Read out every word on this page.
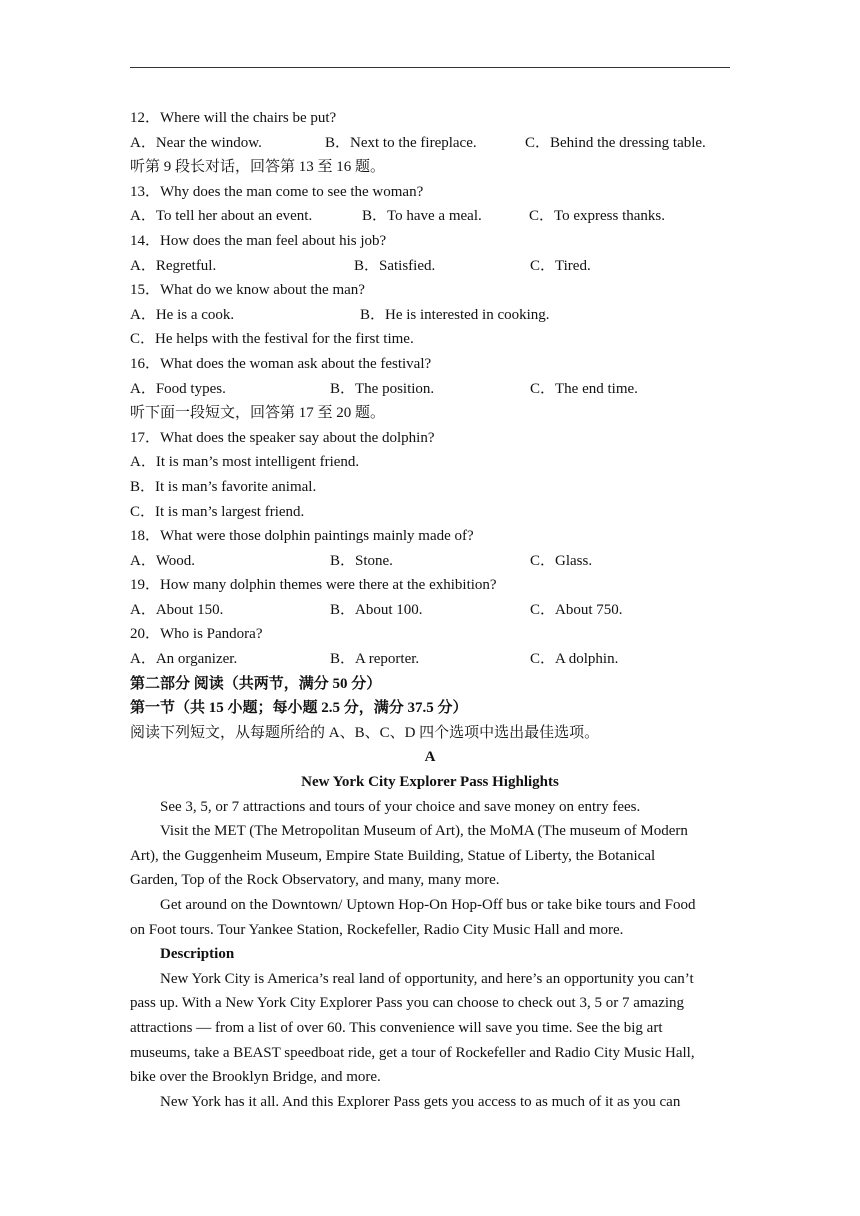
12．Where will the chairs be put?
A．Near the window.	B．Next to the fireplace.	C．Behind the dressing table.
听第 9 段长对话，回答第 13 至 16 题。
13．Why does the man come to see the woman?
A．To tell her about an event.	B．To have a meal.	C．To express thanks.
14．How does the man feel about his job?
A．Regretful.	B．Satisfied.	C．Tired.
15．What do we know about the man?
A．He is a cook.	B．He is interested in cooking.
C．He helps with the festival for the first time.
16．What does the woman ask about the festival?
A．Food types.	B．The position.	C．The end time.
听下面一段短文，回答第 17 至 20 题。
17．What does the speaker say about the dolphin?
A．It is man’s most intelligent friend.
B．It is man’s favorite animal.
C．It is man’s largest friend.
18．What were those dolphin paintings mainly made of?
A．Wood.	B．Stone.	C．Glass.
19．How many dolphin themes were there at the exhibition?
A．About 150.	B．About 100.	C．About 750.
20．Who is Pandora?
A．An organizer.	B．A reporter.	C．A dolphin.
第二部分 阅读（共两节，满分 50 分）
第一节（共 15 小题；每小题 2.5 分，满分 37.5 分）
阅读下列短文，从每题所给的 A、B、C、D 四个选项中选出最佳选项。
A
New York City Explorer Pass Highlights
See 3, 5, or 7 attractions and tours of your choice and save money on entry fees.
Visit the MET (The Metropolitan Museum of Art), the MoMA (The museum of Modern
Art), the Guggenheim Museum, Empire State Building, Statue of Liberty, the Botanical
Garden, Top of the Rock Observatory, and many, many more.
Get around on the Downtown/ Uptown Hop-On Hop-Off bus or take bike tours and Food
on Foot tours. Tour Yankee Station, Rockefeller, Radio City Music Hall and more.
Description
New York City is America’s real land of opportunity, and here’s an opportunity you can’t
pass up. With a New York City Explorer Pass you can choose to check out 3, 5 or 7 amazing
attractions — from a list of over 60. This convenience will save you time. See the big art
museums, take a BEAST speedboat ride, get a tour of Rockefeller and Radio City Music Hall,
bike over the Brooklyn Bridge, and more.
New York has it all. And this Explorer Pass gets you access to as much of it as you can
